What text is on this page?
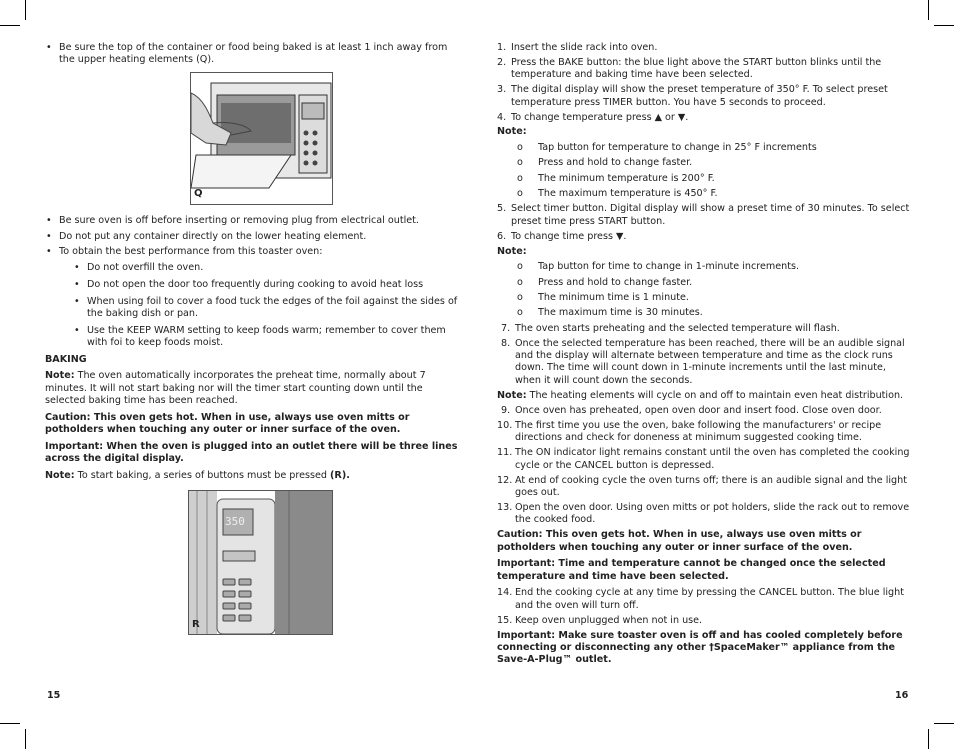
• Be sure the top of the container or food being baked is at least 1 inch away from the upper heating elements (Q).
Q
• Be sure oven is off before inserting or removing plug from electrical outlet.
• Do not put any container directly on the lower heating element.
• To obtain the best performance from this toaster oven:
• Do not overfill the oven.
• Do not open the door too frequently during cooking to avoid heat loss
• When using foil to cover a food tuck the edges of the foil against the sides of the baking dish or pan.
• Use the KEEP WARM setting to keep foods warm; remember to cover them with foi to keep foods moist.

BAKING

Note: The oven automatically incorporates the preheat time, normally about 7 minutes. It will not start baking nor will the timer start counting down until the selected baking time has been reached.

Caution: This oven gets hot. When in use, always use oven mitts or potholders when touching any outer or inner surface of the oven.

Important: When the oven is plugged into an outlet there will be three lines across the digital display.

Note: To start baking, a series of buttons must be pressed (R).

350
R
15
1. Insert the slide rack into oven.
2. Press the BAKE button: the blue light above the START button blinks until the temperature and baking time have been selected.
3. The digital display will show the preset temperature of 350° F. To select preset temperature press TIMER button. You have 5 seconds to proceed.
4. To change temperature press ▲ or ▼.

Note:

o Tap button for temperature to change in 25° F increments
o Press and hold to change faster.
o The minimum temperature is 200° F.
o The maximum temperature is 450° F.
5. Select timer button. Digital display will show a preset time of 30 minutes. To select preset time press START button.
6. To change time press ▼.

Note:

o Tap button for time to change in 1-minute increments.
o Press and hold to change faster.
o The minimum time is 1 minute.
o The maximum time is 30 minutes.
7. The oven starts preheating and the selected temperature will flash.
8. Once the selected temperature has been reached, there will be an audible signal and the display will alternate between temperature and time as the clock runs down. The time will count down in 1-minute increments until the last minute, when it will count down the seconds.

Note: The heating elements will cycle on and off to maintain even heat distribution.

9. Once oven has preheated, open oven door and insert food. Close oven door.
10. The first time you use the oven, bake following the manufacturers' or recipe directions and check for doneness at minimum suggested cooking time.
11. The ON indicator light remains constant until the oven has completed the cooking cycle or the CANCEL button is depressed.
12. At end of cooking cycle the oven turns off; there is an audible signal and the light goes out.
13. Open the oven door. Using oven mitts or pot holders, slide the rack out to remove the cooked food.

Caution: This oven gets hot. When in use, always use oven mitts or potholders when touching any outer or inner surface of the oven.

Important: Time and temperature cannot be changed once the selected temperature and time have been selected.

14. End the cooking cycle at any time by pressing the CANCEL button. The blue light and the oven will turn off.
15. Keep oven unplugged when not in use.

Important: Make sure toaster oven is off and has cooled completely before connecting or disconnecting any other †SpaceMaker™ appliance from the Save-A-Plug™ outlet.

16
